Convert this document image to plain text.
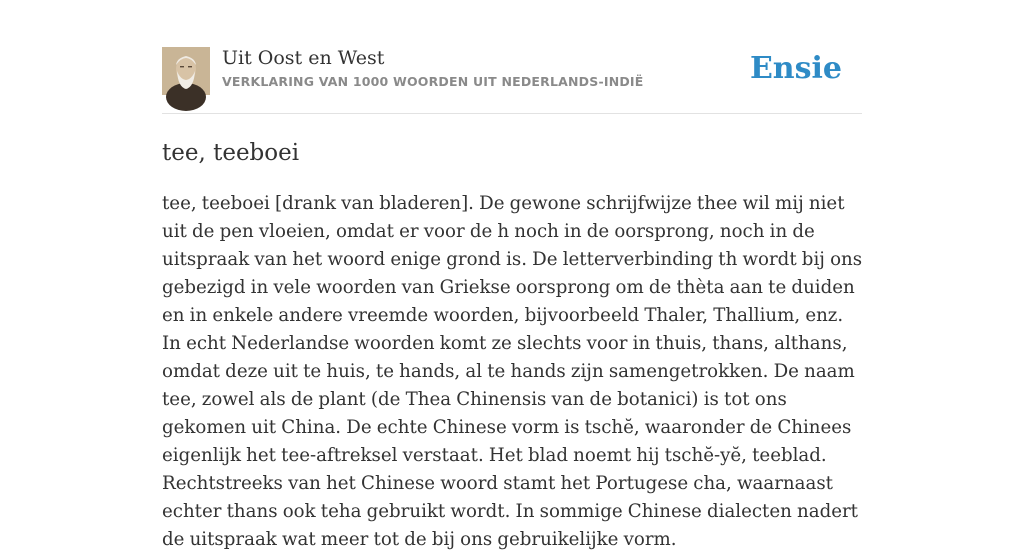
Uit Oost en West
VERKLARING VAN 1000 WOORDEN UIT NEDERLANDS-INDIË	Ensie
tee, teeboei

tee, teeboei [drank van bladeren]. De gewone schrijfwijze thee wil mij niet uit de pen vloeien, omdat er voor de h noch in de oorsprong, noch in de uitspraak van het woord enige grond is. De letterverbinding th wordt bij ons gebezigd in vele woorden van Griekse oorsprong om de thèta aan te duiden en in enkele andere vreemde woorden, bijvoorbeeld Thaler, Thallium, enz. In echt Nederlandse woorden komt ze slechts voor in thuis, thans, althans, omdat deze uit te huis, te hands, al te hands zijn samengetrokken. De naam tee, zowel als de plant (de Thea Chinensis van de botanici) is tot ons gekomen uit China. De echte Chinese vorm is tschĕ, waaronder de Chinees eigenlijk het tee-aftreksel verstaat. Het blad noemt hij tschĕ-yĕ, teeblad. Rechtstreeks van het Chinese woord stamt het Portugese cha, waarnaast echter thans ook teha gebruikt wordt. In sommige Chinese dialecten nadert de uitspraak wat meer tot de bij ons gebruikelijke vorm.
